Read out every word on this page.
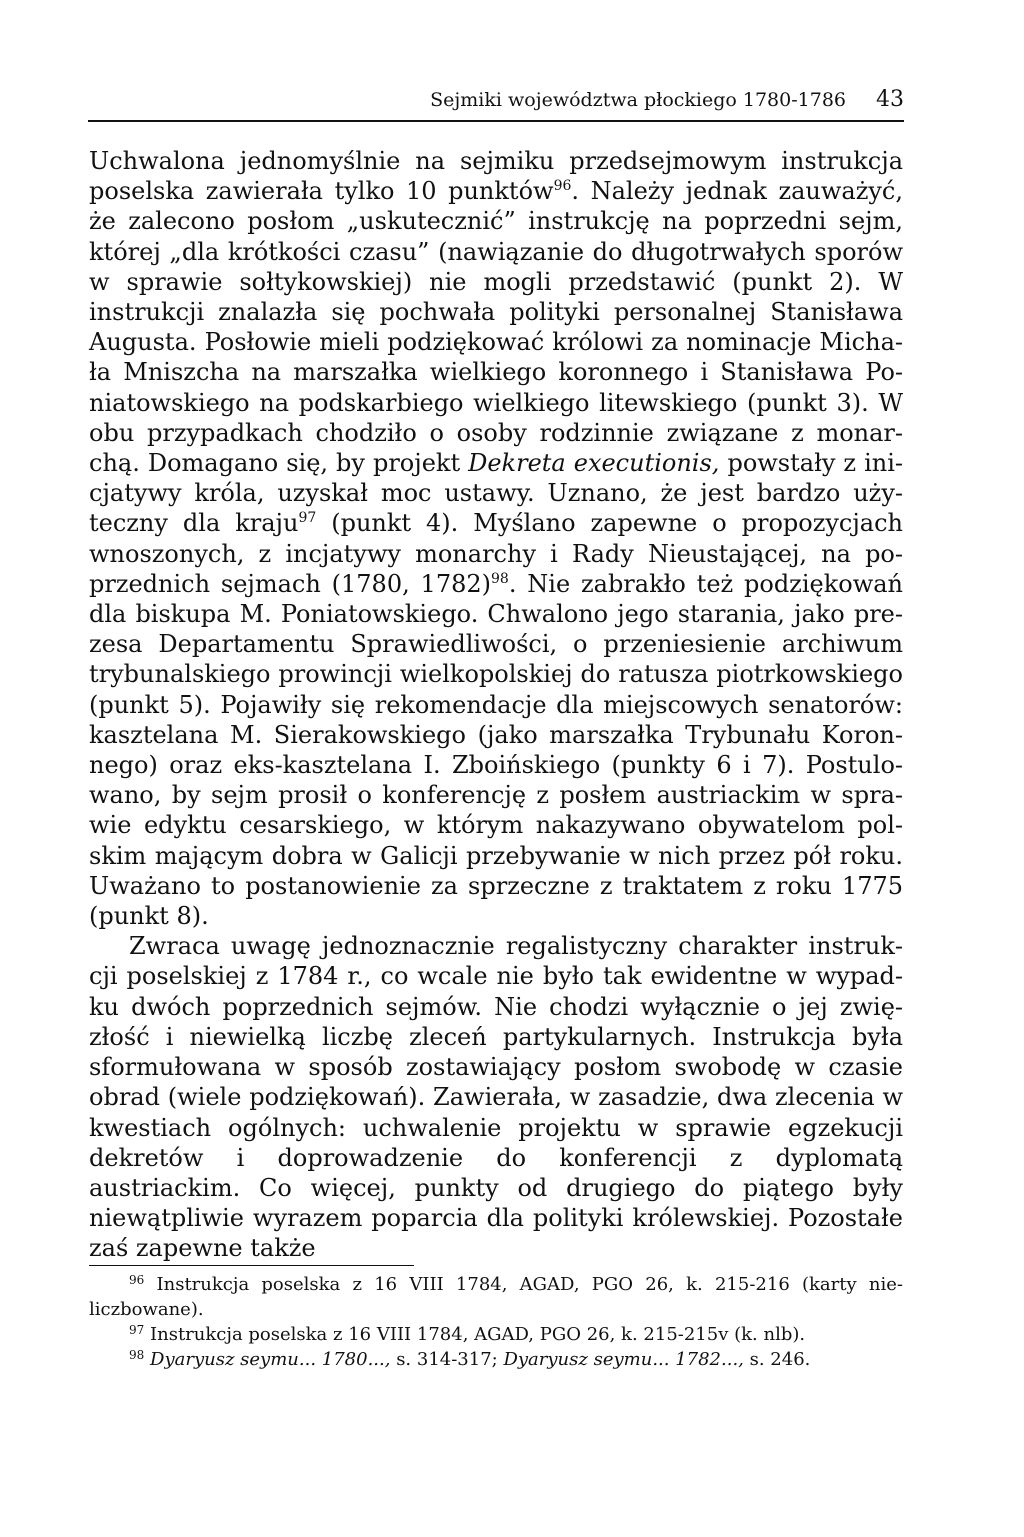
Sejmiki województwa płockiego 1780-1786 43

Uchwalona jednomyślnie na sejmiku przedsejmowym instrukcja poselska zawierała tylko 10 punktów$^{96}$. Należy jednak zauważyć, że zalecono posłom „uskutecznić” instrukcję na poprzedni sejm, której „dla krótkości czasu” (nawiązanie do długotrwałych sporów w sprawie sołtykowskiej) nie mogli przedstawić (punkt 2). W instrukcji znalazła się pochwała polityki personalnej Stanisława Augusta. Posłowie mieli podziękować królowi za nominacje Michała Mniszcha na marszałka wielkiego koronnego i Stanisława Poniatowskiego na podskarbiego wielkiego litewskiego (punkt 3). W obu przypadkach chodziło o osoby rodzinnie związane z monarchą. Domagano się, by projekt Dekreta executionis, powstały z inicjatywy króla, uzyskał moc ustawy. Uznano, że jest bardzo użyteczny dla kraju$^{97}$ (punkt 4). Myślano zapewne o propozycjach wnoszonych, z incjatywy monarchy i Rady Nieustającej, na poprzednich sejmach (1780, 1782)$^{98}$. Nie zabrakło też podziękowań dla biskupa M. Poniatowskiego. Chwalono jego starania, jako prezesa Departamentu Sprawiedliwości, o przeniesienie archiwum trybunalskiego prowincji wielkopolskiej do ratusza piotrkowskiego (punkt 5). Pojawiły się rekomendacje dla miejscowych senatorów: kasztelana M. Sierakowskiego (jako marszałka Trybunału Koronnego) oraz eks-kasztelana I. Zboińskiego (punkty 6 i 7). Postulowano, by sejm prosił o konferencję z posłem austriackim w sprawie edyktu cesarskiego, w którym nakazywano obywatelom polskim mającym dobra w Galicji przebywanie w nich przez pół roku. Uważano to postanowienie za sprzeczne z traktatem z roku 1775 (punkt 8).

Zwraca uwagę jednoznacznie regalistyczny charakter instrukcji poselskiej z 1784 r., co wcale nie było tak ewidentne w wypadku dwóch poprzednich sejmów. Nie chodzi wyłącznie o jej zwięzłość i niewielką liczbę zleceń partykularnych. Instrukcja była sformułowana w sposób zostawiający posłom swobodę w czasie obrad (wiele podziękowań). Zawierała, w zasadzie, dwa zlecenia w kwestiach ogólnych: uchwalenie projektu w sprawie egzekucji dekretów i doprowadzenie do konferencji z dyplomatą austriackim. Co więcej, punkty od drugiego do piątego były niewątpliwie wyrazem poparcia dla polityki królewskiej. Pozostałe zaś zapewne także

$^{96}$ Instrukcja poselska z 16 VIII 1784, AGAD, PGO 26, k. 215-216 (karty nieliczbowane).

$^{97}$ Instrukcja poselska z 16 VIII 1784, AGAD, PGO 26, k. 215-215v (k. nlb).

$^{98}$ Dyaryusz seymu... 1780..., s. 314-317; Dyaryusz seymu... 1782..., s. 246.
